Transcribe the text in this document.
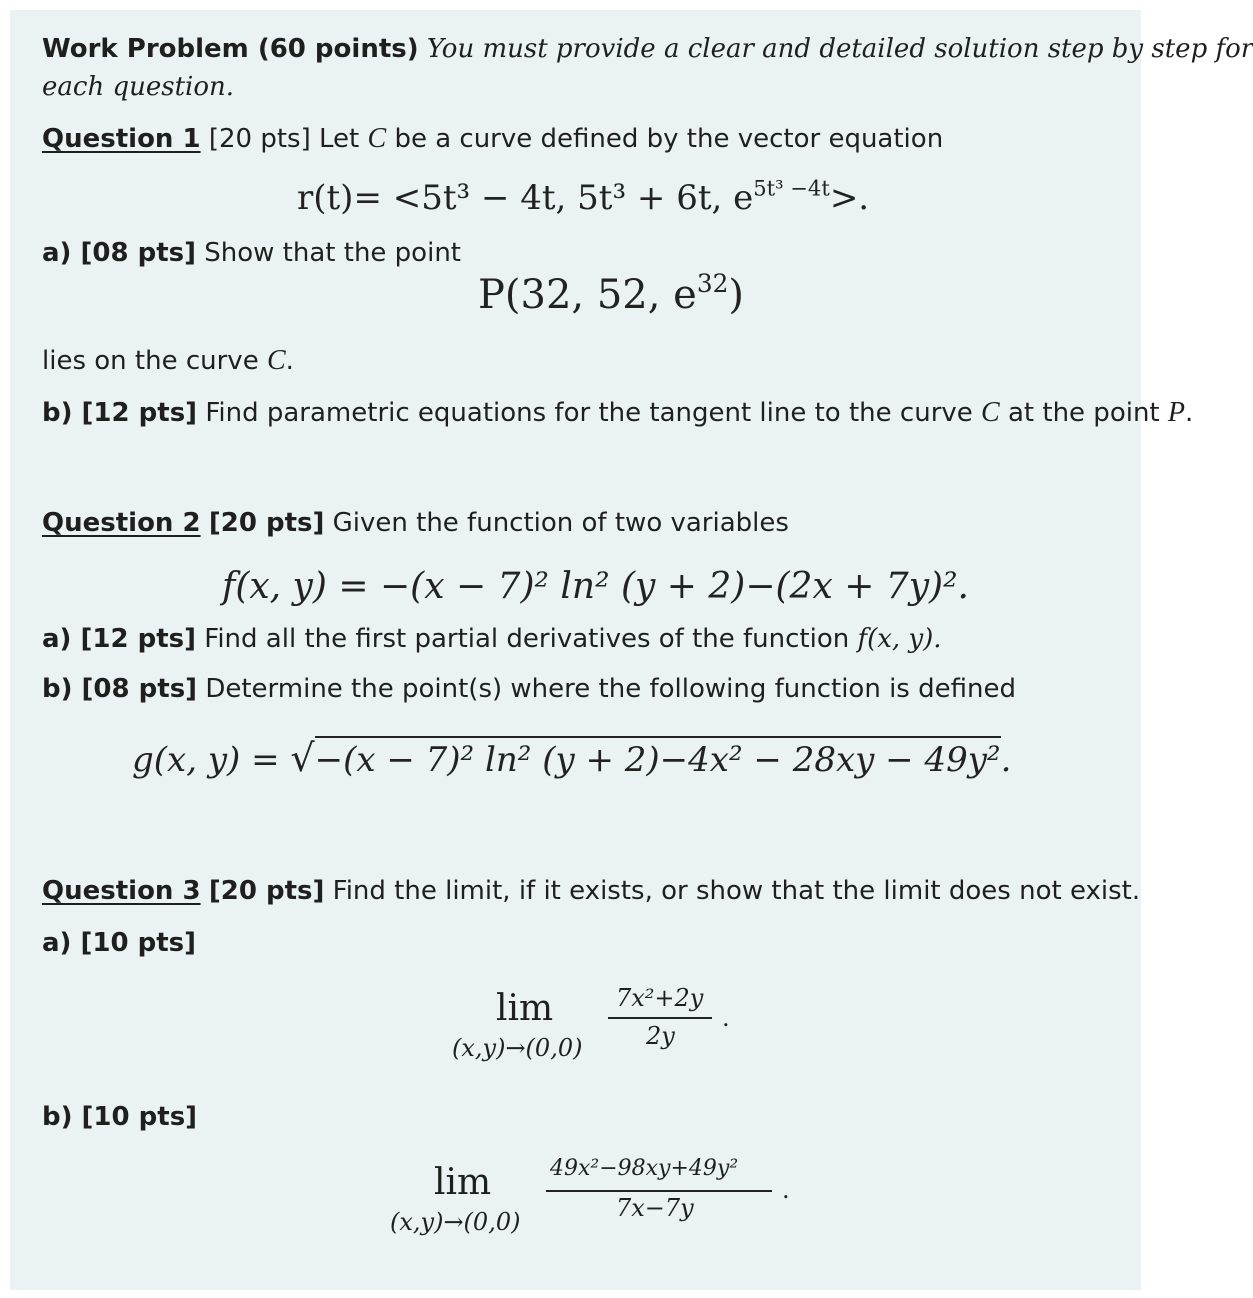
Work Problem (60 points) You must provide a clear and detailed solution step by step for
each question.
Question 1 [20 pts] Let C be a curve defined by the vector equation
r(t)= <5t³ − 4t, 5t³ + 6t, $e^{5t^3 -4t}>$.
a) [08 pts] Show that the point
P(32, 52, $e^{32}$)
lies on the curve C.
b) [12 pts] Find parametric equations for the tangent line to the curve C at the point P.
Question 2 [20 pts] Given the function of two variables
f(x, y) = −(x − 7)² ln² (y + 2)−(2x + 7y)².
a) [12 pts] Find all the first partial derivatives of the function f(x, y).
b) [08 pts] Determine the point(s) where the following function is defined
g(x, y) = √−(x − 7)² ln² (y + 2)−4x² − 28xy − 49y².
Question 3 [20 pts] Find the limit, if it exists, or show that the limit does not exist.
a) [10 pts]
lim
(x,y)→(0,0)
7x²+2y
2y
.
b) [10 pts]
lim
(x,y)→(0,0)
49x²−98xy+49y²
7x−7y
.
